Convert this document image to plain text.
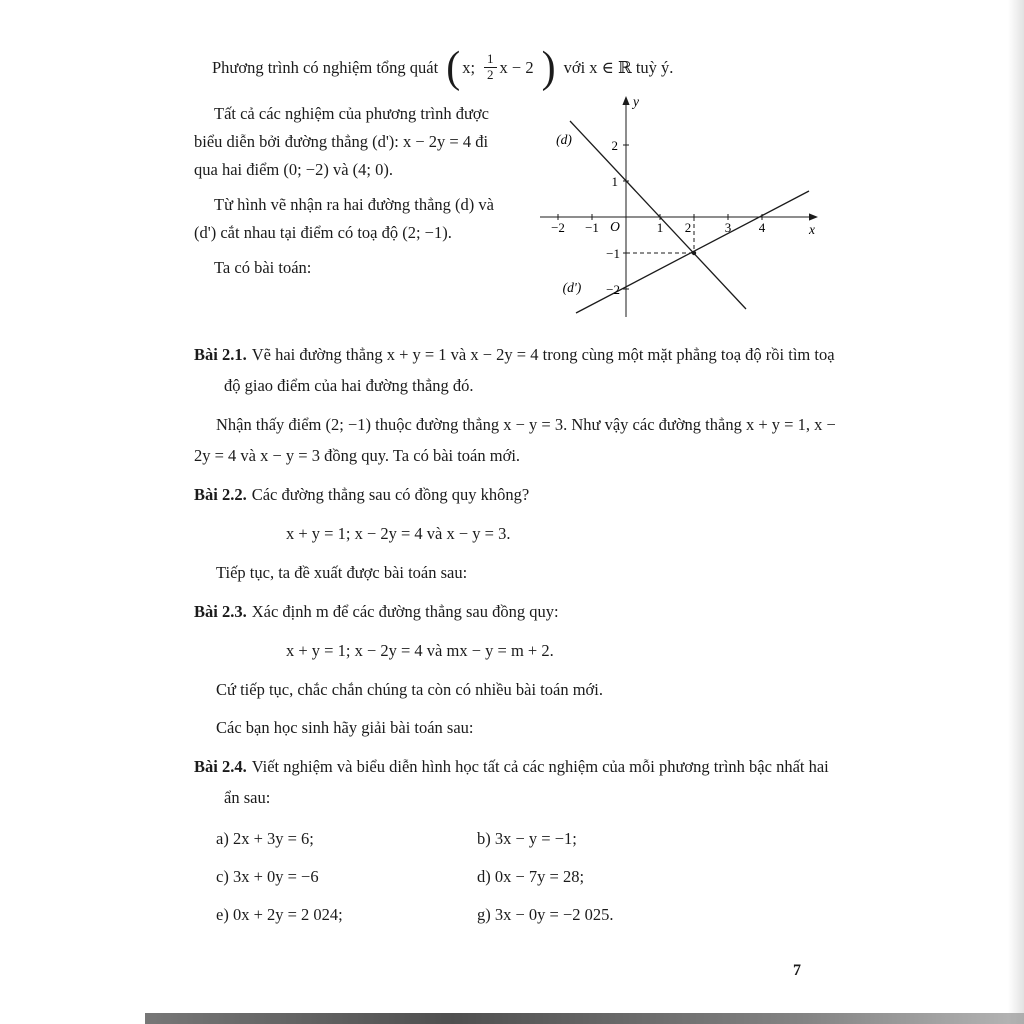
Phương trình có nghiệm tổng quát ( x; $\frac{1}{2}$ x − 2 ) với x ∈ ℝ tuỳ ý.

Tất cả các nghiệm của phương trình được biểu diễn bởi đường thẳng (d'): x − 2y = 4 đi qua hai điểm (0; −2) và (4; 0).

Từ hình vẽ nhận ra hai đường thẳng (d) và (d') cắt nhau tại điểm có toạ độ (2; −1).

Ta có bài toán:

y
x
O
−2 −1	1 2	3 4
2
1
−1
−2
(d)
(d')

Bài 2.1. Vẽ hai đường thẳng x + y = 1 và x − 2y = 4 trong cùng một mặt phẳng toạ độ rồi tìm toạ độ giao điểm của hai đường thẳng đó.

Nhận thấy điểm (2; −1) thuộc đường thẳng x − y = 3. Như vậy các đường thẳng x + y = 1, x − 2y = 4 và x − y = 3 đồng quy. Ta có bài toán mới.

Bài 2.2. Các đường thẳng sau có đồng quy không?

x + y = 1; x − 2y = 4 và x − y = 3.

Tiếp tục, ta đề xuất được bài toán sau:

Bài 2.3. Xác định m để các đường thẳng sau đồng quy:

x + y = 1; x − 2y = 4 và mx − y = m + 2.

Cứ tiếp tục, chắc chắn chúng ta còn có nhiều bài toán mới.

Các bạn học sinh hãy giải bài toán sau:

Bài 2.4. Viết nghiệm và biểu diễn hình học tất cả các nghiệm của mỗi phương trình bậc nhất hai ẩn sau:

a) 2x + 3y = 6;	b) 3x − y = −1;
c) 3x + 0y = −6	d) 0x − 7y = 28;
e) 0x + 2y = 2 024;	g) 3x − 0y = −2 025.
7
